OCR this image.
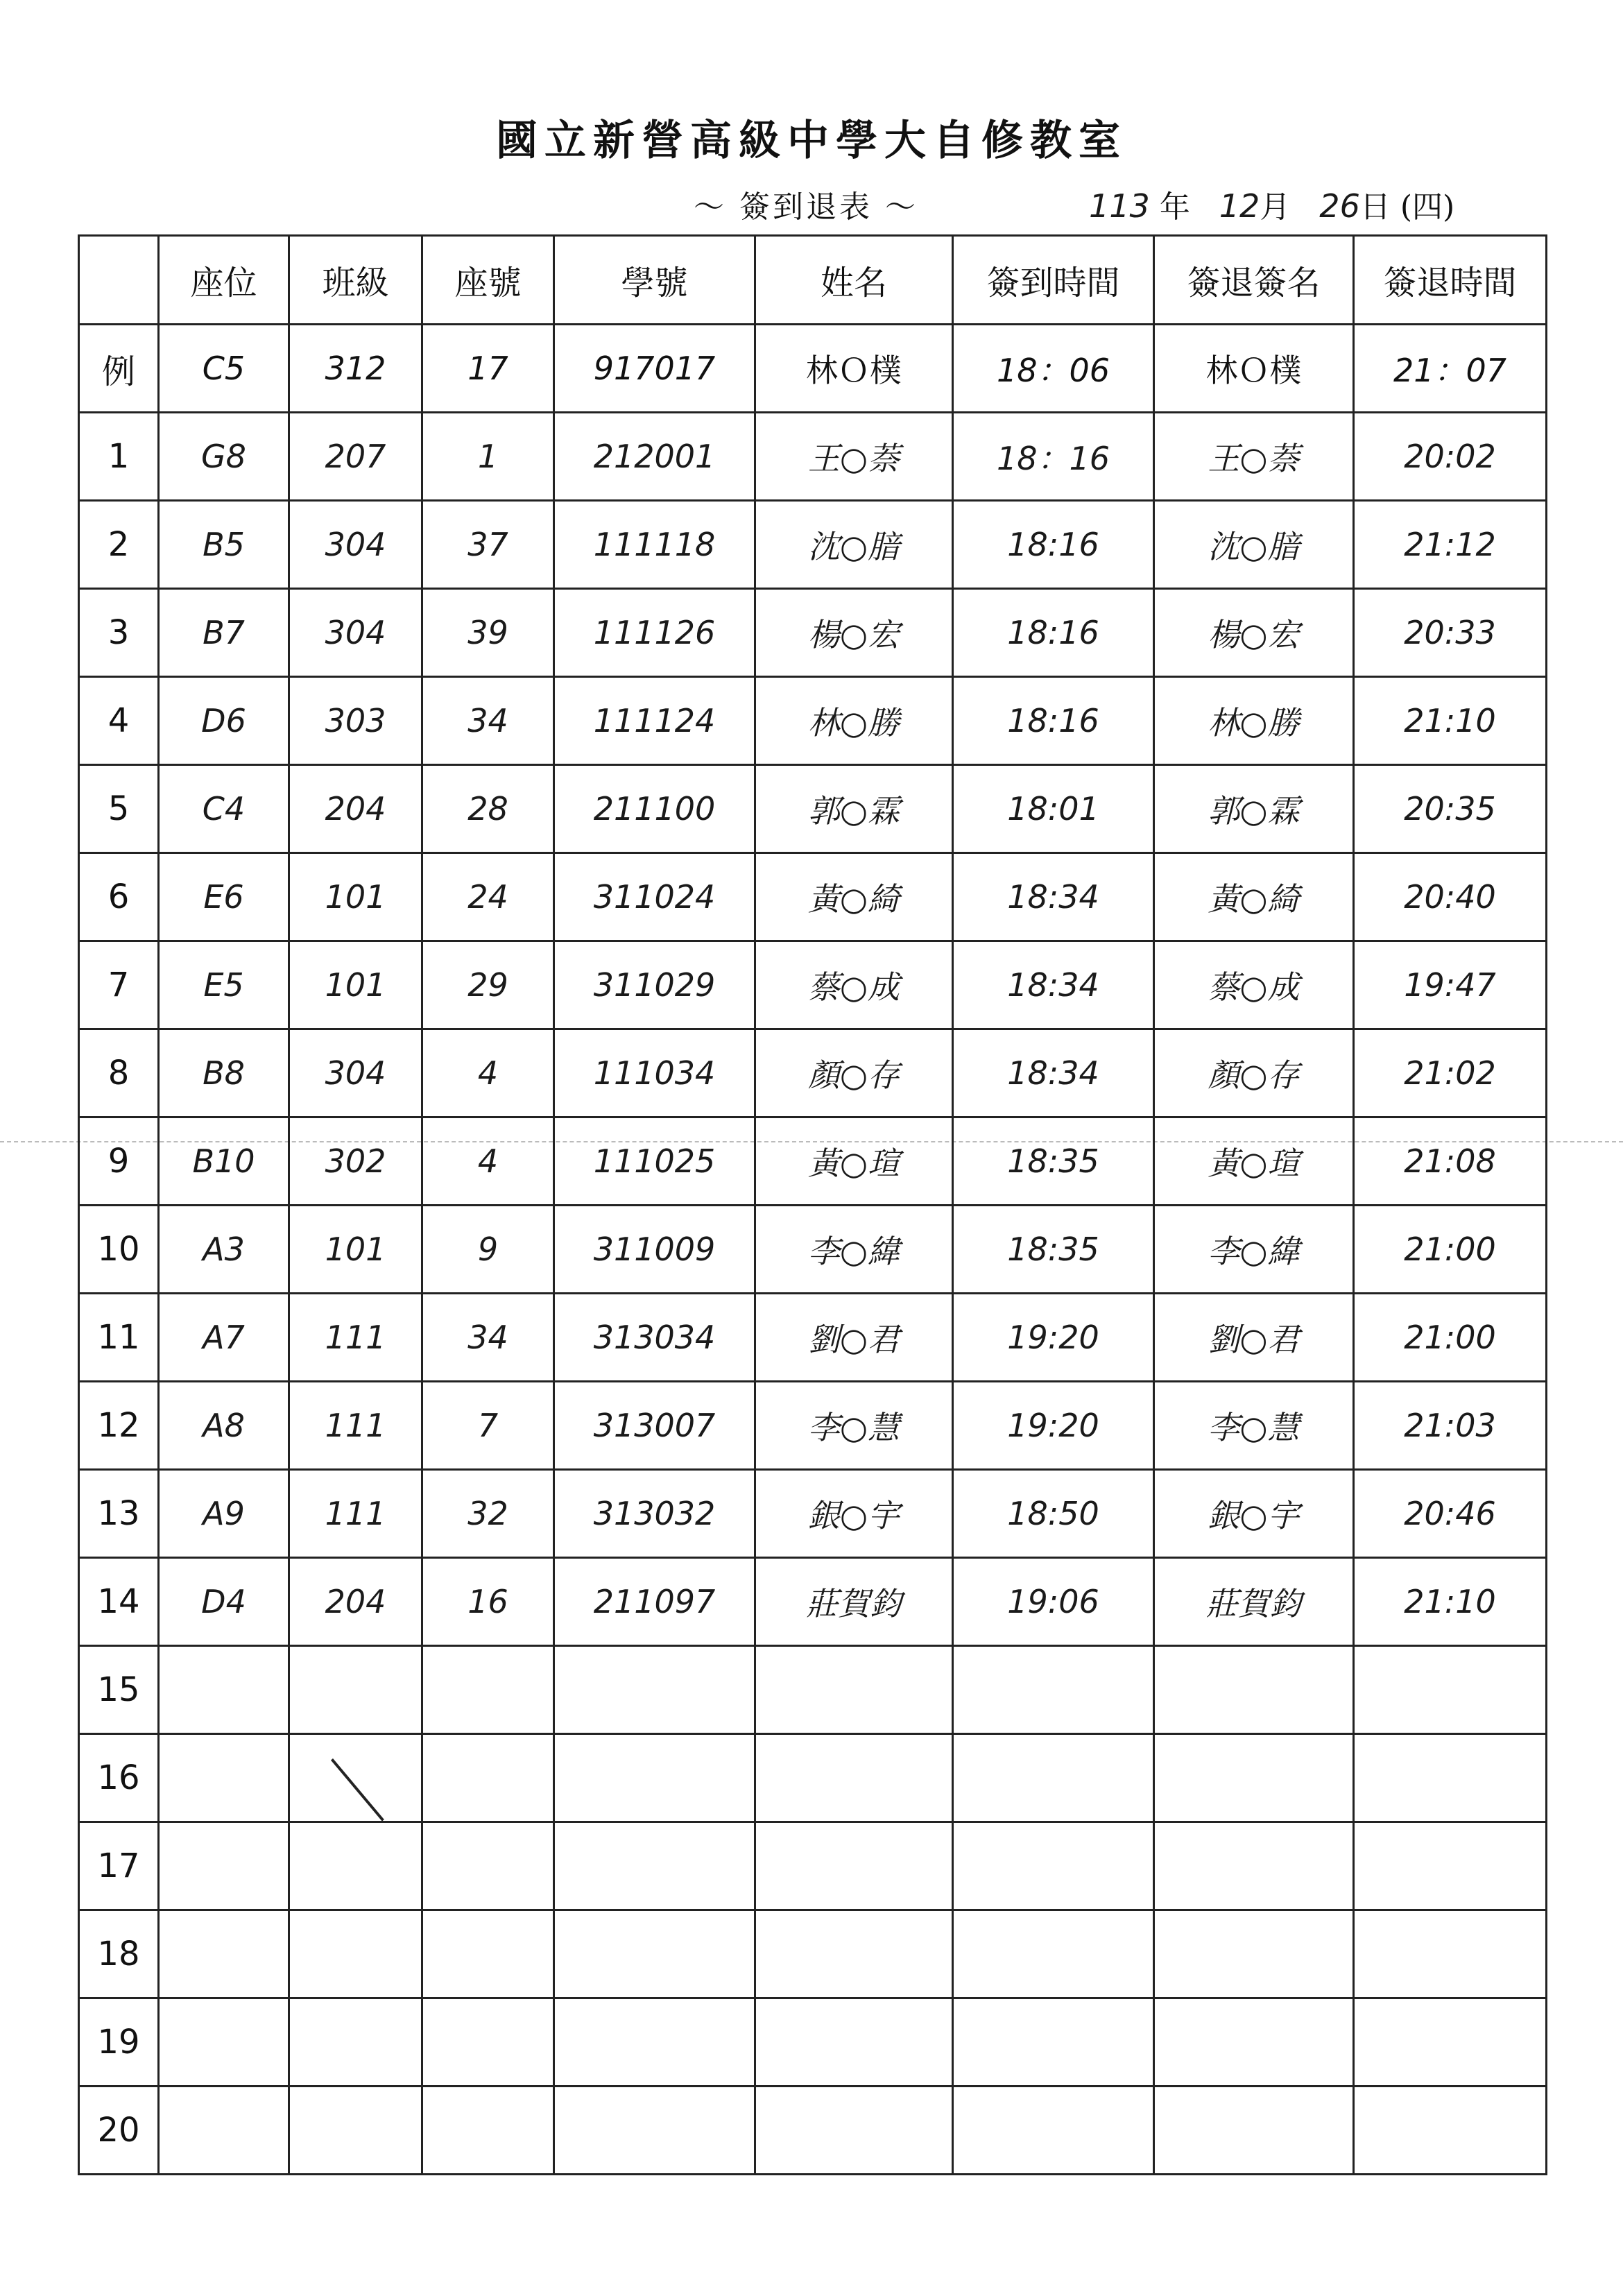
國立新營高級中學大自修教室
～ 簽到退表 ～	113 年 12月 26日 (四)
	座位	班級	座號	學號	姓名	簽到時間	簽退簽名	簽退時間
例	C5	312	17	917017	林Ｏ樸	18：06	林Ｏ樸	21：07
1	G8	207	1	212001	王○萘	18：16	王○萘	20:02
2	B5	304	37	111118	沈○腤	18:16	沈○腤	21:12
3	B7	304	39	111126	楊○宏	18:16	楊○宏	20:33
4	D6	303	34	111124	林○勝	18:16	林○勝	21:10
5	C4	204	28	211100	郭○霖	18:01	郭○霖	20:35
6	E6	101	24	311024	黃○綺	18:34	黃○綺	20:40
7	E5	101	29	311029	蔡○成	18:34	蔡○成	19:47
8	B8	304	4	111034	顏○存	18:34	顏○存	21:02
9	B10	302	4	111025	黃○瑄	18:35	黃○瑄	21:08
10	A3	101	9	311009	李○緯	18:35	李○緯	21:00
11	A7	111	34	313034	劉○君	19:20	劉○君	21:00
12	A8	111	7	313007	李○慧	19:20	李○慧	21:03
13	A9	111	32	313032	銀○宇	18:50	銀○宇	20:46
14	D4	204	16	211097	莊賀鈞	19:06	莊賀鈞	21:10
15								
16								
17								
18								
19								
20								
